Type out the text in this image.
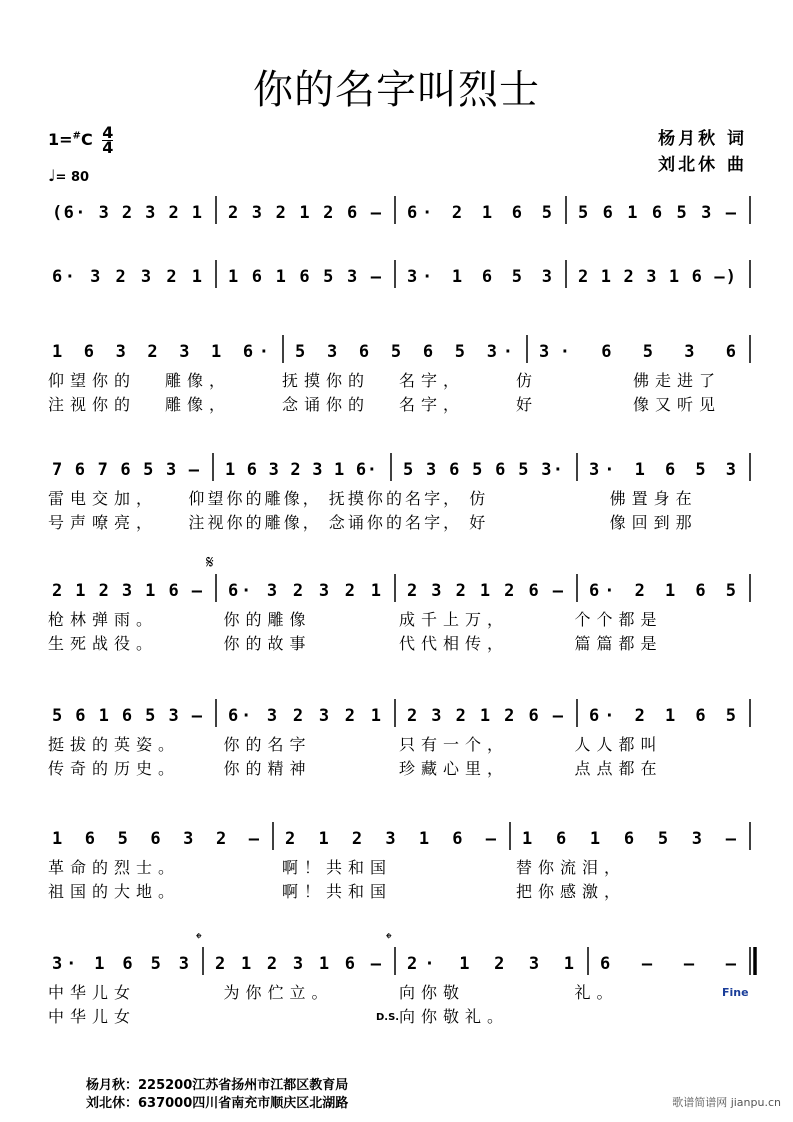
你的名字叫烈士
杨月秋 词
刘北休 曲
$1=^{\#}C \frac{4}{4}$
♩= 80
(6· 3 2 3 2 1 2 3 2 1 2 6 — 6· 2 1 6 5 5 6 1 6 5 3 —
6· 3 2 3 2 1 1 6 1 6 5 3 — 3· 1 6 5 3 2 1 2 3 1 6 —)
1 6 3 2 3 1 6· 5 3 6 5 6 5 3· 3· 6 5 3 6
仰望你的 雕像，	抚摸你的 名字，	仿	佛走进了
注视你的 雕像，	念诵你的 名字，	好	像又听见
7 6 7 6 5 3 — 1 6 3 2 3 1 6· 5 3 6 5 6 5 3· 3· 1 6 5 3
雷电交加， 仰望你的雕像， 抚摸你的名字， 仿	佛置身在
号声嘹亮， 注视你的雕像， 念诵你的名字， 好	像回到那
2 1 2 3 1 6 — 6· 3 2 3 2 1 2 3 2 1 2 6 — 6· 2 1 6 5
枪林弹雨。	你的雕像	成千上万，	个个都是
生死战役。	你的故事	代代相传，	篇篇都是
5 6 1 6 5 3 — 6· 3 2 3 2 1 2 3 2 1 2 6 — 6· 2 1 6 5
挺拔的英姿。	你的名字	只有一个，	人人都叫
传奇的历史。	你的精神	珍藏心里，	点点都在
1 6 5 6 3 2 — 2 1 2 3 1 6 — 1 6 1 6 5 3 —
革命的烈士。	啊！共和国	替你流泪，
祖国的大地。	啊！共和国	把你感激，
3· 1 6 5 3 2 1 2 3 1 6 — 2· 1 2 3 1 6 — — —
中华儿女	为你伫立。	向你敬	礼。
中华儿女	向你敬礼。
𝄋
𝄌	𝄌
Fine
D.S.
杨月秋：225200江苏省扬州市江都区教育局
刘北休：637000四川省南充市顺庆区北湖路	歌谱简谱网 jianpu.cn
